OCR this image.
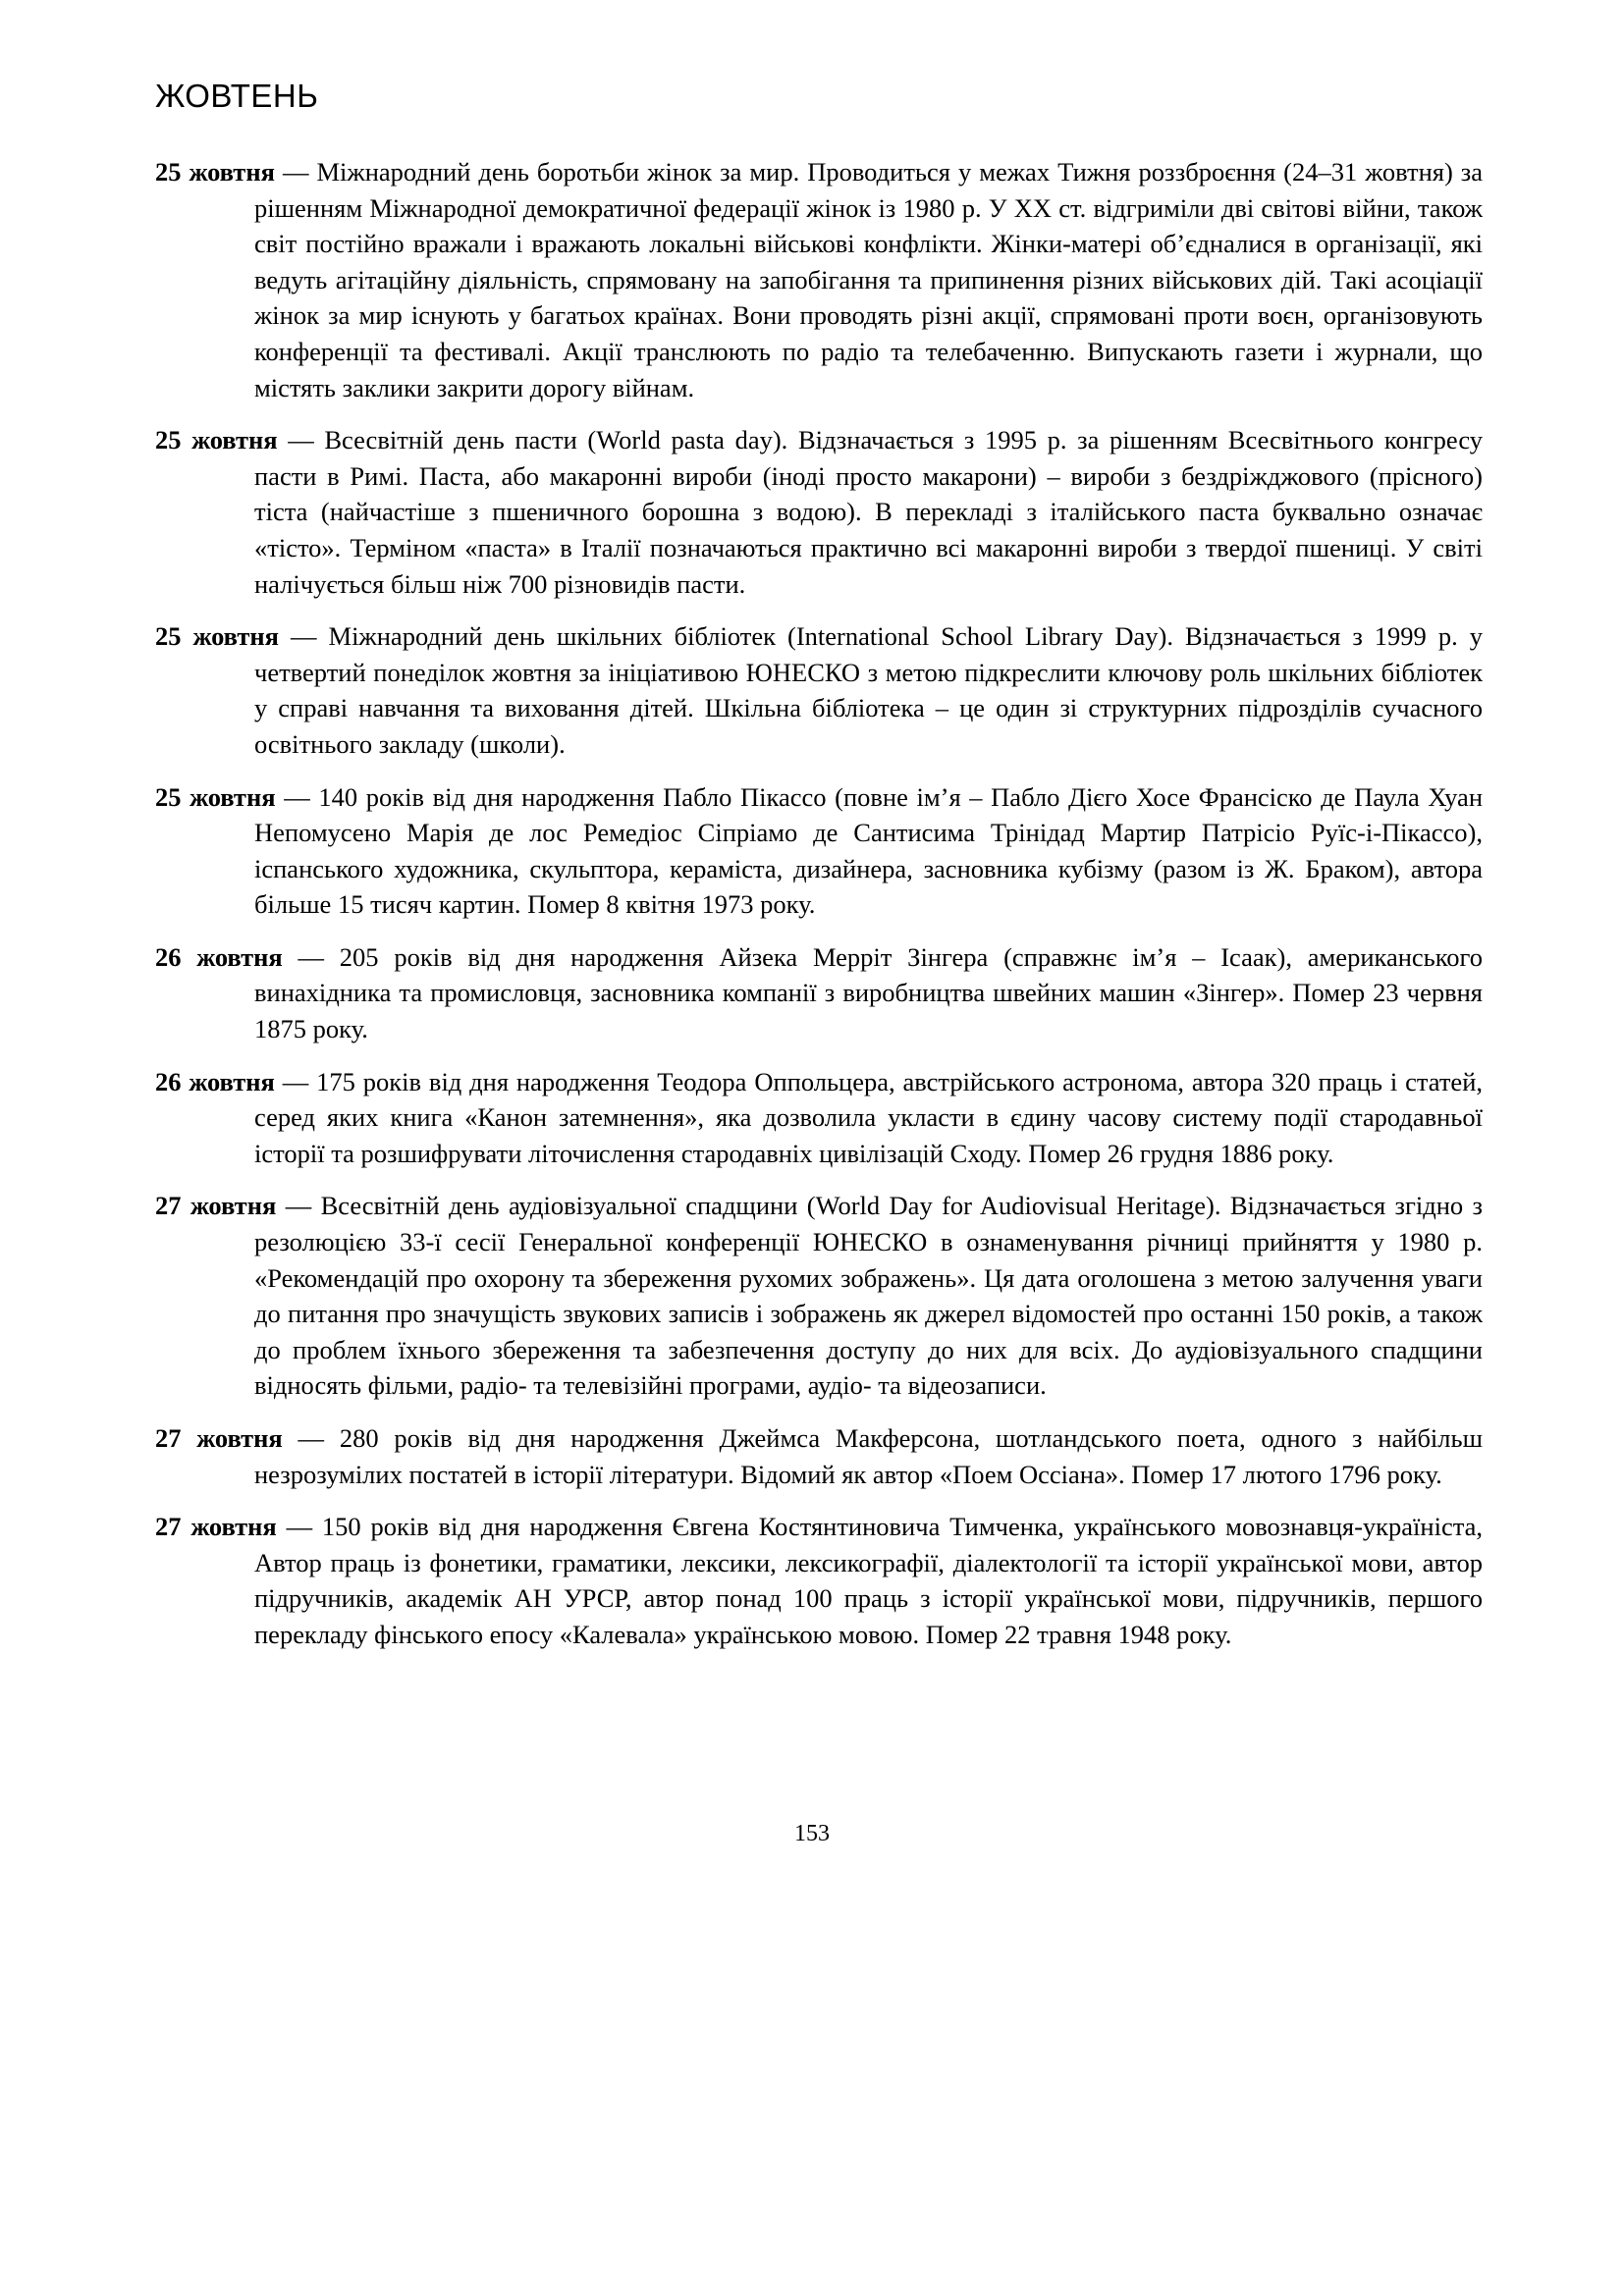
ЖОВТЕНЬ

25 жовтня — Міжнародний день боротьби жінок за мир. Проводиться у межах Тижня роззброєння (24–31 жовтня) за рішенням Міжнародної демократичної федерації жінок із 1980 р. У ХХ ст. відгриміли дві світові війни, також світ постійно вражали і вражають локальні військові конфлікти. Жінки-матері об’єдналися в організації, які ведуть агітаційну діяльність, спрямовану на запобігання та припинення різних військових дій. Такі асоціації жінок за мир існують у багатьох країнах. Вони проводять різні акції, спрямовані проти воєн, організовують конференції та фестивалі. Акції транслюють по радіо та телебаченню. Випускають газети і журнали, що містять заклики закрити дорогу війнам.

25 жовтня — Всесвітній день пасти (World pasta day). Відзначається з 1995 р. за рішенням Всесвітнього конгресу пасти в Римі. Паста, або макаронні вироби (іноді просто макарони) – вироби з бездріжджового (прісного) тіста (найчастіше з пшеничного борошна з водою). В перекладі з італійського паста буквально означає «тісто». Терміном «паста» в Італії позначаються практично всі макаронні вироби з твердої пшениці. У світі налічується більш ніж 700 різновидів пасти.

25 жовтня — Міжнародний день шкільних бібліотек (International School Library Day). Відзначається з 1999 р. у четвертий понеділок жовтня за ініціативою ЮНЕСКО з метою підкреслити ключову роль шкільних бібліотек у справі навчання та виховання дітей. Шкільна бібліотека – це один зі структурних підрозділів сучасного освітнього закладу (школи).

25 жовтня — 140 років від дня народження Пабло Пікассо (повне ім’я – Пабло Дієго Хосе Франсіско де Паула Хуан Непомусено Марія де лос Ремедіос Сіпріамо де Сантисима Трінідад Мартир Патрісіо Руїс-і-Пікассо), іспанського художника, скульптора, кераміста, дизайнера, засновника кубізму (разом із Ж. Браком), автора більше 15 тисяч картин. Помер 8 квітня 1973 року.

26 жовтня — 205 років від дня народження Айзека Мерріт Зінгера (справжнє ім’я – Ісаак), американського винахідника та промисловця, засновника компанії з виробництва швейних машин «Зінгер». Помер 23 червня 1875 року.

26 жовтня — 175 років від дня народження Теодора Оппольцера, австрійського астронома, автора 320 праць і статей, серед яких книга «Канон затемнення», яка дозволила укласти в єдину часову систему події стародавньої історії та розшифрувати літочислення стародавніх цивілізацій Сходу. Помер 26 грудня 1886 року.

27 жовтня — Всесвітній день аудіовізуальної спадщини (World Day for Audiovisual Heritage). Відзначається згідно з резолюцією 33-ї сесії Генеральної конференції ЮНЕСКО в ознаменування річниці прийняття у 1980 р. «Рекомендацій про охорону та збереження рухомих зображень». Ця дата оголошена з метою залучення уваги до питання про значущість звукових записів і зображень як джерел відомостей про останні 150 років, а також до проблем їхнього збереження та забезпечення доступу до них для всіх. До аудіовізуального спадщини відносять фільми, радіо- та телевізійні програми, аудіо- та відеозаписи.

27 жовтня — 280 років від дня народження Джеймса Макферсона, шотландського поета, одного з найбільш незрозумілих постатей в історії літератури. Відомий як автор «Поем Оссіана». Помер 17 лютого 1796 року.

27 жовтня — 150 років від дня народження Євгена Костянтиновича Тимченка, українського мовознавця-україніста, Автор праць із фонетики, граматики, лексики, лексикографії, діалектології та історії української мови, автор підручників, академік АН УРСР, автор понад 100 праць з історії української мови, підручників, першого перекладу фінського епосу «Калевала» українською мовою. Помер 22 травня 1948 року.

153
